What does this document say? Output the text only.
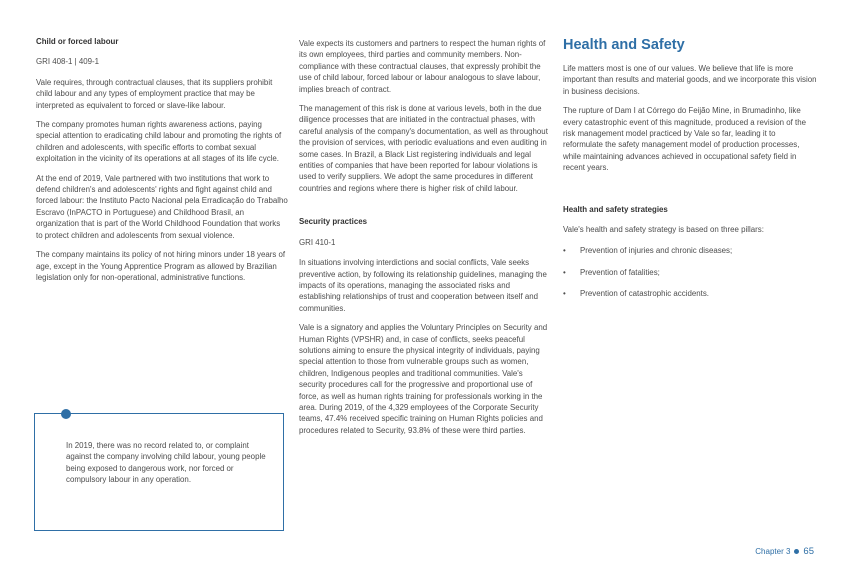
Child or forced labour

GRI 408-1 | 409-1

Vale requires, through contractual clauses, that its suppliers prohibit child labour and any types of employment practice that may be interpreted as equivalent to forced or slave-like labour.

The company promotes human rights awareness actions, paying special attention to eradicating child labour and promoting the rights of children and adolescents, with specific efforts to combat sexual exploitation in the vicinity of its operations at all stages of its life cycle.

At the end of 2019, Vale partnered with two institutions that work to defend children's and adolescents' rights and fight against child and forced labour: the Instituto Pacto Nacional pela Erradicação do Trabalho Escravo (InPACTO in Portuguese) and Childhood Brasil, an organization that is part of the World Childhood Foundation that works to protect children and adolescents from sexual violence.

The company maintains its policy of not hiring minors under 18 years of age, except in the Young Apprentice Program as allowed by Brazilian legislation only for non-operational, administrative functions.

In 2019, there was no record related to, or complaint against the company involving child labour, young people being exposed to dangerous work, nor forced or compulsory labour in any operation.

Vale expects its customers and partners to respect the human rights of its own employees, third parties and community members. Non-compliance with these contractual clauses, that expressly prohibit the use of child labour, forced labour or labour analogous to slave labour, implies breach of contract.

The management of this risk is done at various levels, both in the due diligence processes that are initiated in the contractual phases, with careful analysis of the company's documentation, as well as throughout the provision of services, with periodic evaluations and even auditing in some cases. In Brazil, a Black List registering individuals and legal entities of companies that have been reported for labour violations is used to verify suppliers. We adopt the same procedures in different countries and regions where there is higher risk of child labour.

Security practices

GRI 410-1

In situations involving interdictions and social conflicts, Vale seeks preventive action, by following its relationship guidelines, managing the impacts of its operations, managing the associated risks and establishing relationships of trust and cooperation between itself and communities.

Vale is a signatory and applies the Voluntary Principles on Security and Human Rights (VPSHR) and, in case of conflicts, seeks peaceful solutions aiming to ensure the physical integrity of individuals, paying special attention to those from vulnerable groups such as women, children, Indigenous peoples and traditional communities. Vale's security procedures call for the progressive and proportional use of force, as well as human rights training for professionals working in the area. During 2019, of the 4,329 employees of the Corporate Security teams, 47.4% received specific training on Human Rights policies and procedures related to Security, 93.8% of these were third parties.

Health and Safety

Life matters most is one of our values. We believe that life is more important than results and material goods, and we incorporate this vision in business decisions.

The rupture of Dam I at Córrego do Feijão Mine, in Brumadinho, like every catastrophic event of this magnitude, produced a revision of the risk management model practiced by Vale so far, leading it to reformulate the safety management model of production processes, while maintaining advances achieved in occupational safety field in recent years.

Health and safety strategies

Vale's health and safety strategy is based on three pillars:

• Prevention of injuries and chronic diseases;
• Prevention of fatalities;
• Prevention of catastrophic accidents.
Chapter 3 65
